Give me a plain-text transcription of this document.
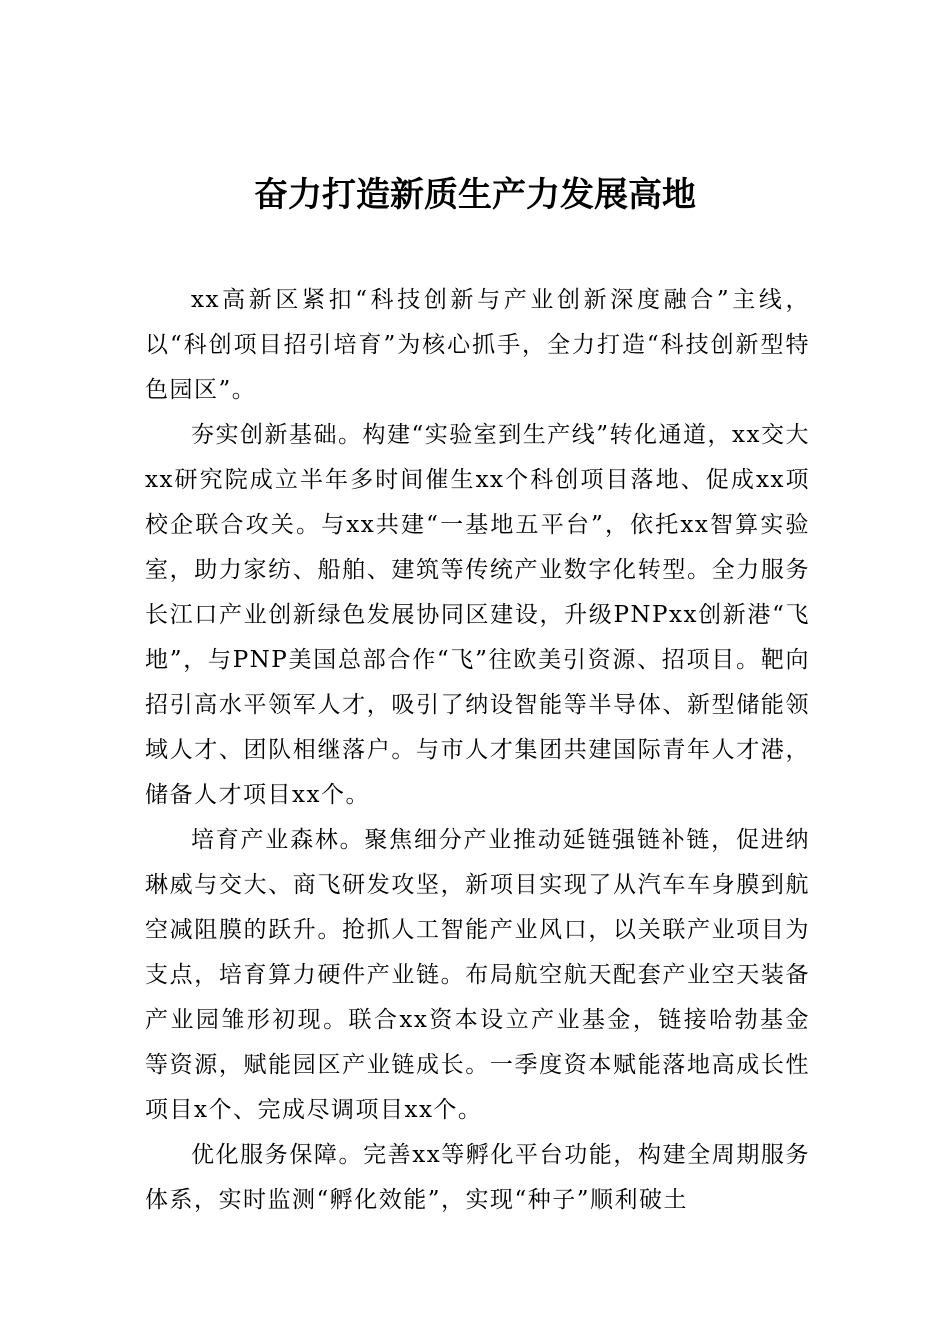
奋力打造新质生产力发展高地

xx高新区紧扣“科技创新与产业创新深度融合”主线，以“科创项目招引培育”为核心抓手，全力打造“科技创新型特色园区”。

夯实创新基础。构建“实验室到生产线”转化通道，xx交大xx研究院成立半年多时间催生xx个科创项目落地、促成xx项校企联合攻关。与xx共建“一基地五平台”，依托xx智算实验室，助力家纺、船舶、建筑等传统产业数字化转型。全力服务长江口产业创新绿色发展协同区建设，升级PNPxx创新港“飞地”，与PNP美国总部合作“飞”往欧美引资源、招项目。靶向招引高水平领军人才，吸引了纳设智能等半导体、新型储能领域人才、团队相继落户。与市人才集团共建国际青年人才港，储备人才项目xx个。

培育产业森林。聚焦细分产业推动延链强链补链，促进纳琳威与交大、商飞研发攻坚，新项目实现了从汽车车身膜到航空减阻膜的跃升。抢抓人工智能产业风口，以关联产业项目为支点，培育算力硬件产业链。布局航空航天配套产业空天装备产业园雏形初现。联合xx资本设立产业基金，链接哈勃基金等资源，赋能园区产业链成长。一季度资本赋能落地高成长性项目x个、完成尽调项目xx个。

优化服务保障。完善xx等孵化平台功能，构建全周期服务体系，实时监测“孵化效能”，实现“种子”顺利破土
